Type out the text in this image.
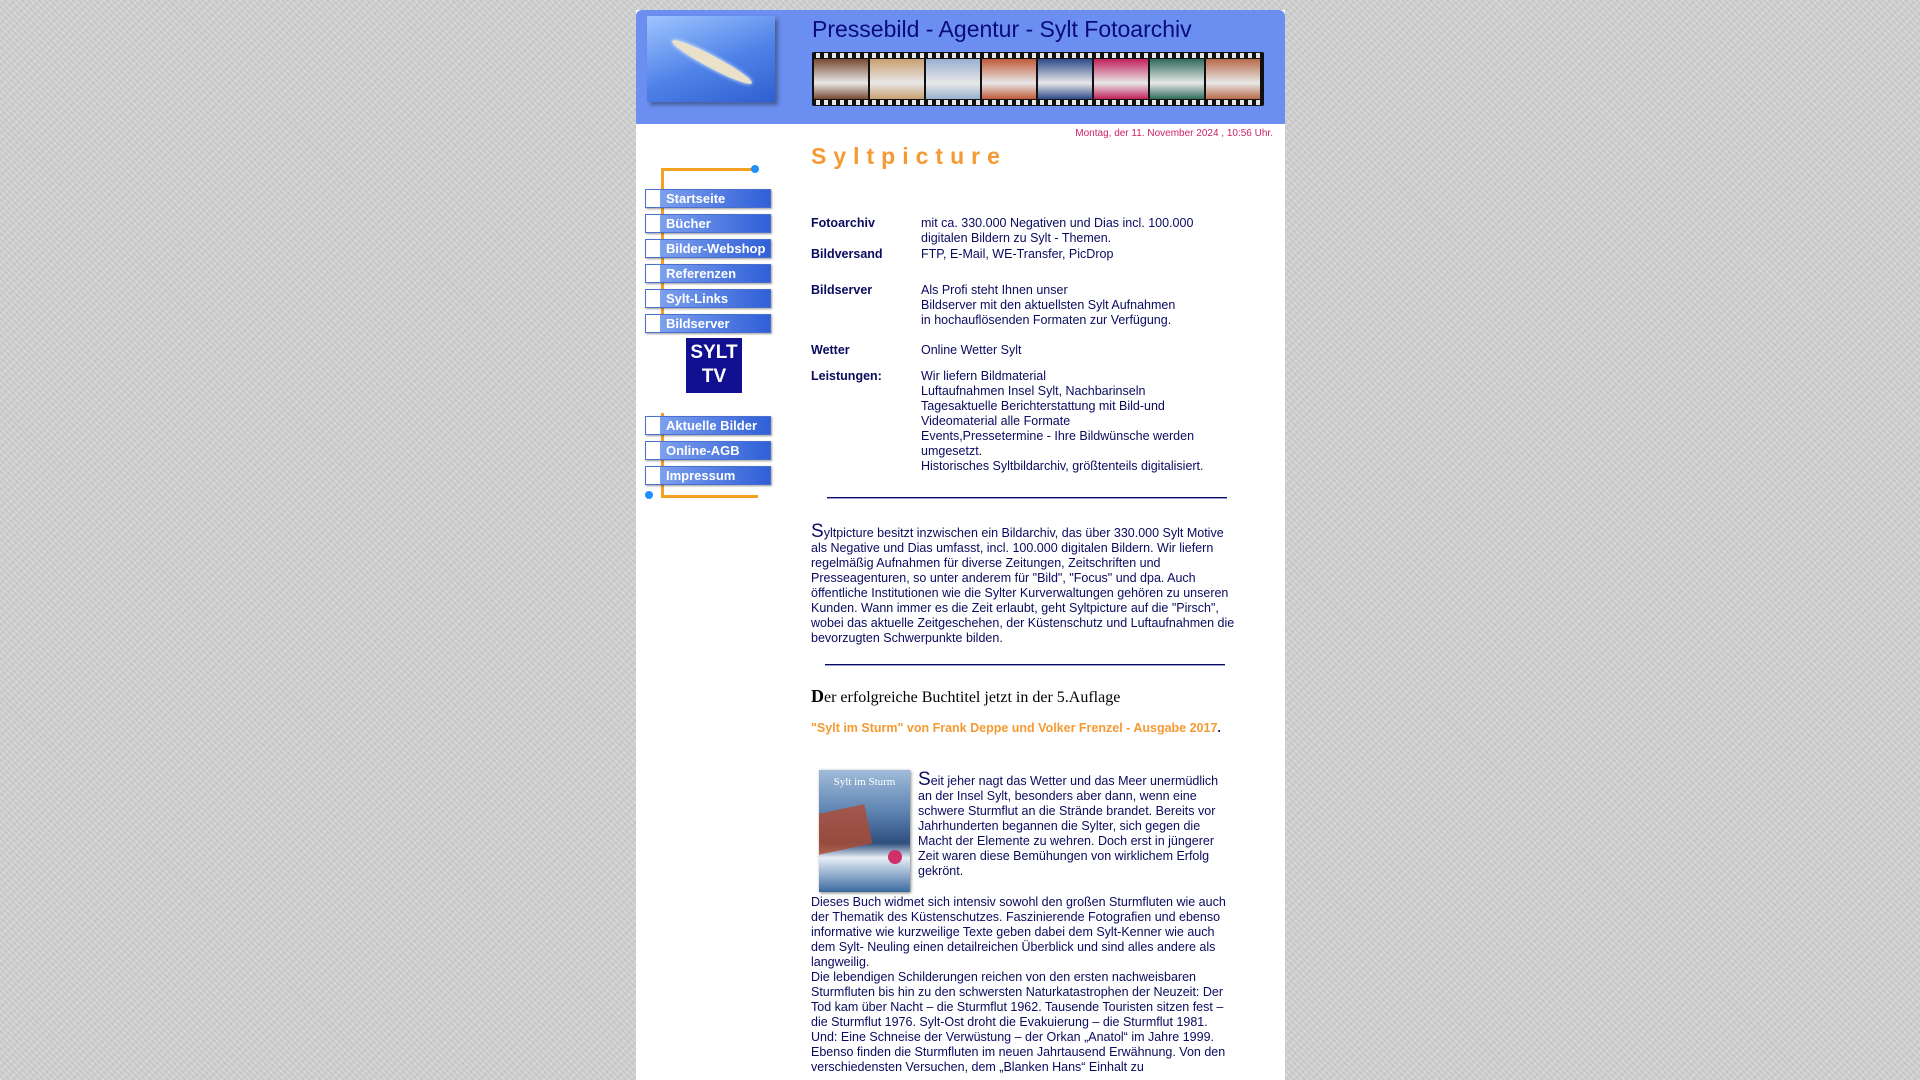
Pressebild - Agentur - Sylt Fotoarchiv
Montag, der 11. November 2024 , 10:56 Uhr.
Startseite
Bücher
Bilder-Webshop
Referenzen
Sylt-Links
Bildserver
SYLT
TV
Aktuelle Bilder
Online-AGB
Impressum
Syltpicture
Fotoarchiv	mit ca. 330.000 Negativen und Dias incl. 100.000
digitalen Bildern zu Sylt - Themen.
Bildversand	FTP, E-Mail, WE-Transfer, PicDrop
Bildserver	Als Profi steht Ihnen unser
Bildserver mit den aktuellsten Sylt Aufnahmen
in hochauflösenden Formaten zur Verfügung.
Wetter	Online Wetter Sylt
Leistungen:	Wir liefern Bildmaterial
Luftaufnahmen Insel Sylt, Nachbarinseln
Tagesaktuelle Berichterstattung mit Bild-und
Videomaterial alle Formate
Events,Pressetermine - Ihre Bildwünsche werden
umgesetzt.
Historisches Syltbildarchiv, größtenteils digitalisiert.
Syltpicture besitzt inzwischen ein Bildarchiv, das über 330.000 Sylt Motive als Negative und Dias umfasst, incl. 100.000 digitalen Bildern. Wir liefern regelmäßig Aufnahmen für diverse Zeitungen, Zeitschriften und Presseagenturen, so unter anderem für "Bild", "Focus" und dpa. Auch öffentliche Institutionen wie die Sylter Kurverwaltungen gehören zu unseren Kunden. Wann immer es die Zeit erlaubt, geht Syltpicture auf die "Pirsch", wobei das aktuelle Zeitgeschehen, der Küstenschutz und Luftaufnahmen die bevorzugten Schwerpunkte bilden.
Der erfolgreiche Buchtitel jetzt in der 5.Auflage
"Sylt im Sturm" von Frank Deppe und Volker Frenzel - Ausgabe 2017.
Sylt im Sturm	Seit jeher nagt das Wetter und das Meer unermüdlich an der Insel Sylt, besonders aber dann, wenn eine schwere Sturmflut an die Strände brandet. Bereits vor Jahrhunderten begannen die Sylter, sich gegen die Macht der Elemente zu wehren. Doch erst in jüngerer Zeit waren diese Bemühungen von wirklichem Erfolg gekrönt.
Dieses Buch widmet sich intensiv sowohl den großen Sturmfluten wie auch der Thematik des Küstenschutzes. Faszinierende Fotografien und ebenso informative wie kurzweilige Texte geben dabei dem Sylt-Kenner wie auch dem Sylt- Neuling einen detailreichen Überblick und sind alles andere als langweilig.
Die lebendigen Schilderungen reichen von den ersten nachweisbaren Sturmfluten bis hin zu den schwersten Naturkatastrophen der Neuzeit: Der Tod kam über Nacht – die Sturmflut 1962. Tausende Touristen sitzen fest – die Sturmflut 1976. Sylt-Ost droht die Evakuierung – die Sturmflut 1981. Und: Eine Schneise der Verwüstung – der Orkan „Anatol“ im Jahre 1999. Ebenso finden die Sturmfluten im neuen Jahrtausend Erwähnung. Von den verschiedensten Versuchen, dem „Blanken Hans“ Einhalt zu
